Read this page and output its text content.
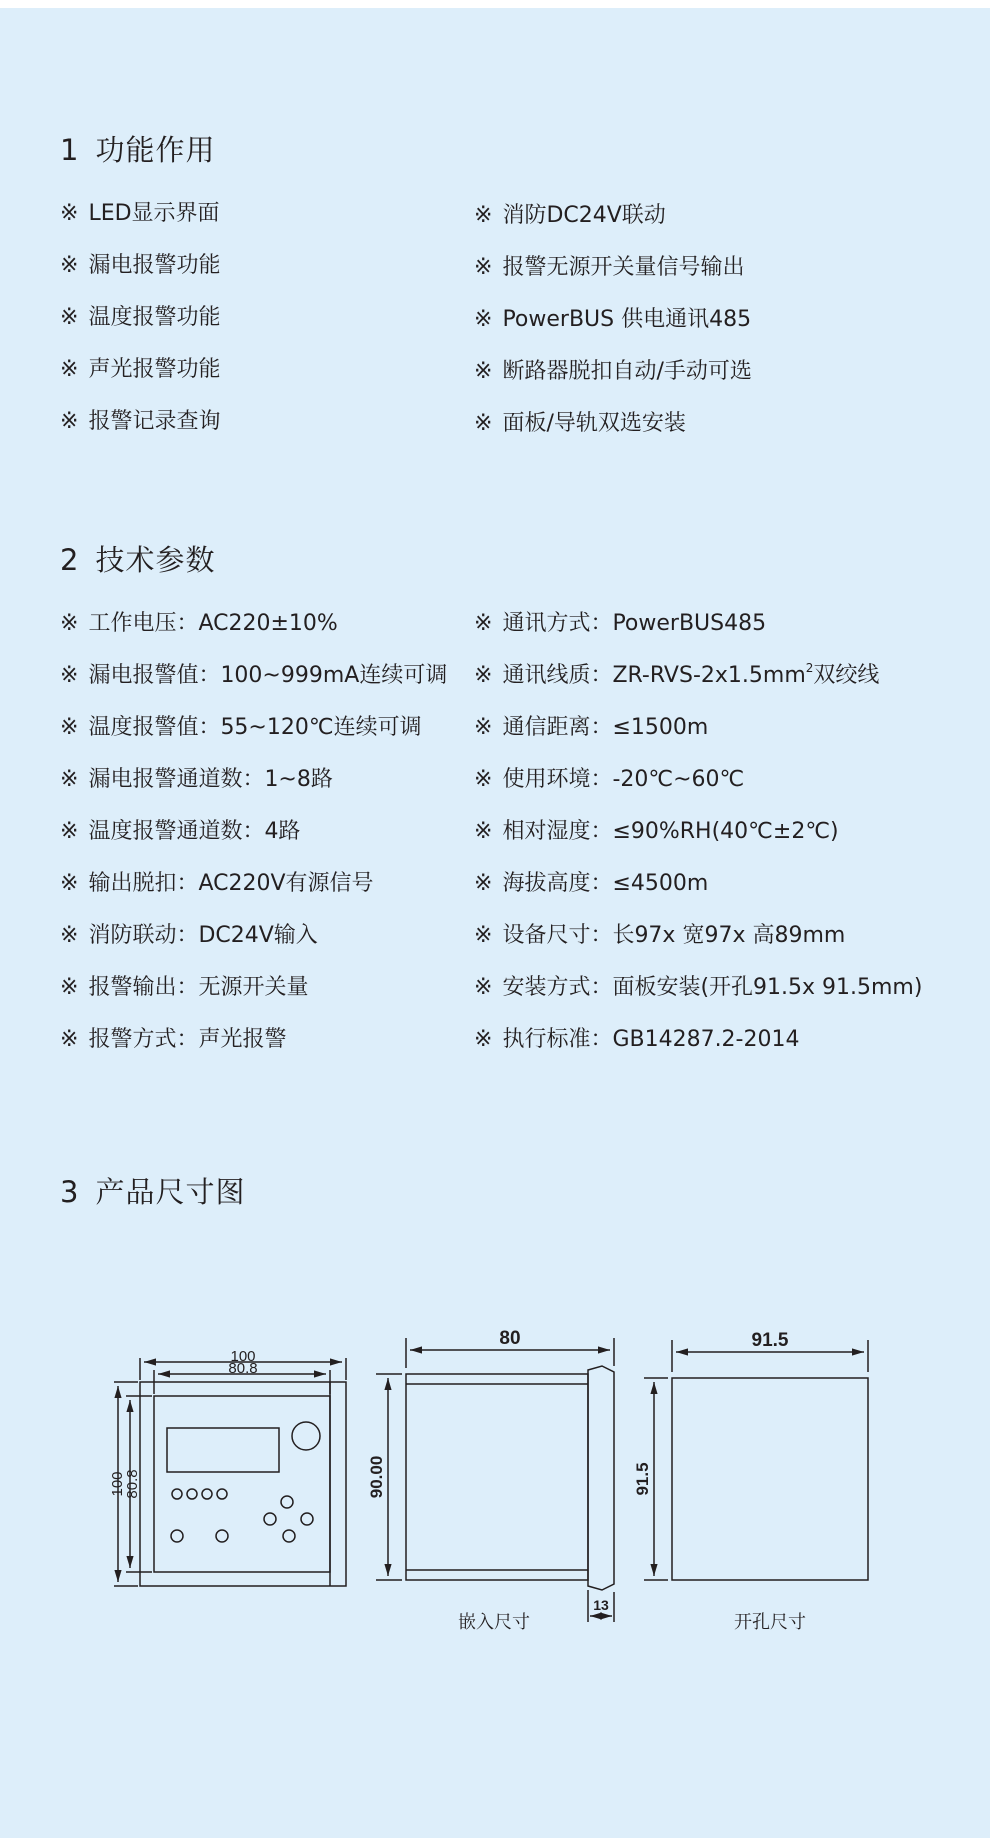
1 功能作用
※ LED显示界面
※ 漏电报警功能
※ 温度报警功能
※ 声光报警功能
※ 报警记录查询
※ 消防DC24V联动
※ 报警无源开关量信号输出
※ PowerBUS 供电通讯485
※ 断路器脱扣自动/手动可选
※ 面板/导轨双选安装
2 技术参数
※ 工作电压：AC220±10%
※ 漏电报警值：100~999mA连续可调
※ 温度报警值：55~120℃连续可调
※ 漏电报警通道数：1~8路
※ 温度报警通道数：4路
※ 输出脱扣：AC220V有源信号
※ 消防联动：DC24V输入
※ 报警输出：无源开关量
※ 报警方式：声光报警
※ 通讯方式：PowerBUS485
※ 通讯线质：$ZR-RVS-2x1.5mm^2$双绞线
※ 通信距离：≤1500m
※ 使用环境：-20℃~60℃
※ 相对湿度：≤90%RH(40℃±2℃)
※ 海拔高度：≤4500m
※ 设备尺寸：长97x 宽97x 高89mm
※ 安装方式：面板安装(开孔91.5x 91.5mm)
※ 执行标准：GB14287.2-2014
3 产品尺寸图
100
80.8
100
80.8
80
90.00
13
91.5
91.5
嵌入尺寸	开孔尺寸
